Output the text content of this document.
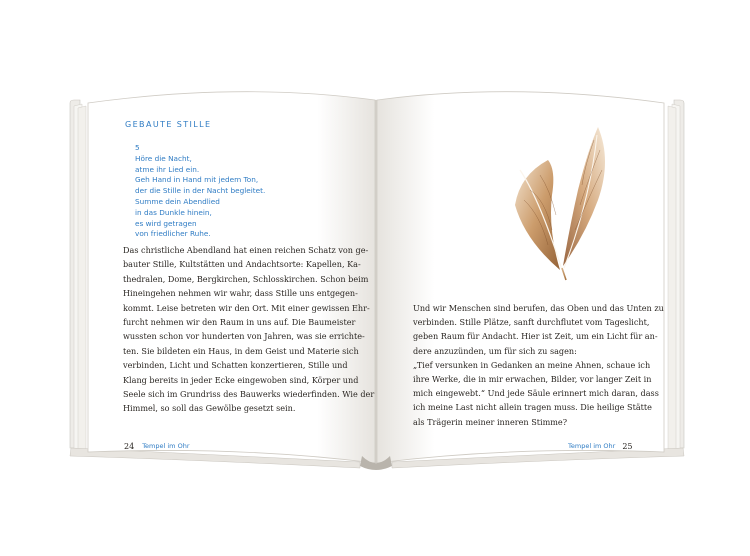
GEBAUTE STILLE
5
Höre die Nacht,
atme ihr Lied ein.
Geh Hand in Hand mit jedem Ton,
der die Stille in der Nacht begleitet.
Summe dein Abendlied
in das Dunkle hinein,
es wird getragen
von friedlicher Ruhe.
Das christliche Abendland hat einen reichen Schatz von ge-
bauter Stille, Kultstätten und Andachtsorte: Kapellen, Ka-
thedralen, Dome, Bergkirchen, Schlosskirchen. Schon beim
Hineingehen nehmen wir wahr, dass Stille uns entgegen-
kommt. Leise betreten wir den Ort. Mit einer gewissen Ehr-
furcht nehmen wir den Raum in uns auf. Die Baumeister
wussten schon vor hunderten von Jahren, was sie errichte-
ten. Sie bildeten ein Haus, in dem Geist und Materie sich
verbinden, Licht und Schatten konzertieren, Stille und
Klang bereits in jeder Ecke eingewoben sind, Körper und
Seele sich im Grundriss des Bauwerks wiederfinden. Wie der
Himmel, so soll das Gewölbe gesetzt sein.
Und wir Menschen sind berufen, das Oben und das Unten zu
verbinden. Stille Plätze, sanft durchflutet vom Tageslicht,
geben Raum für Andacht. Hier ist Zeit, um ein Licht für an-
dere anzuzünden, um für sich zu sagen:
„Tief versunken in Gedanken an meine Ahnen, schaue ich
ihre Werke, die in mir erwachen, Bilder, vor langer Zeit in
mich eingewebt.“ Und jede Säule erinnert mich daran, dass
ich meine Last nicht allein tragen muss. Die heilige Stätte
als Trägerin meiner inneren Stimme?
24 Tempel im Ohr	Tempel im Ohr 25
